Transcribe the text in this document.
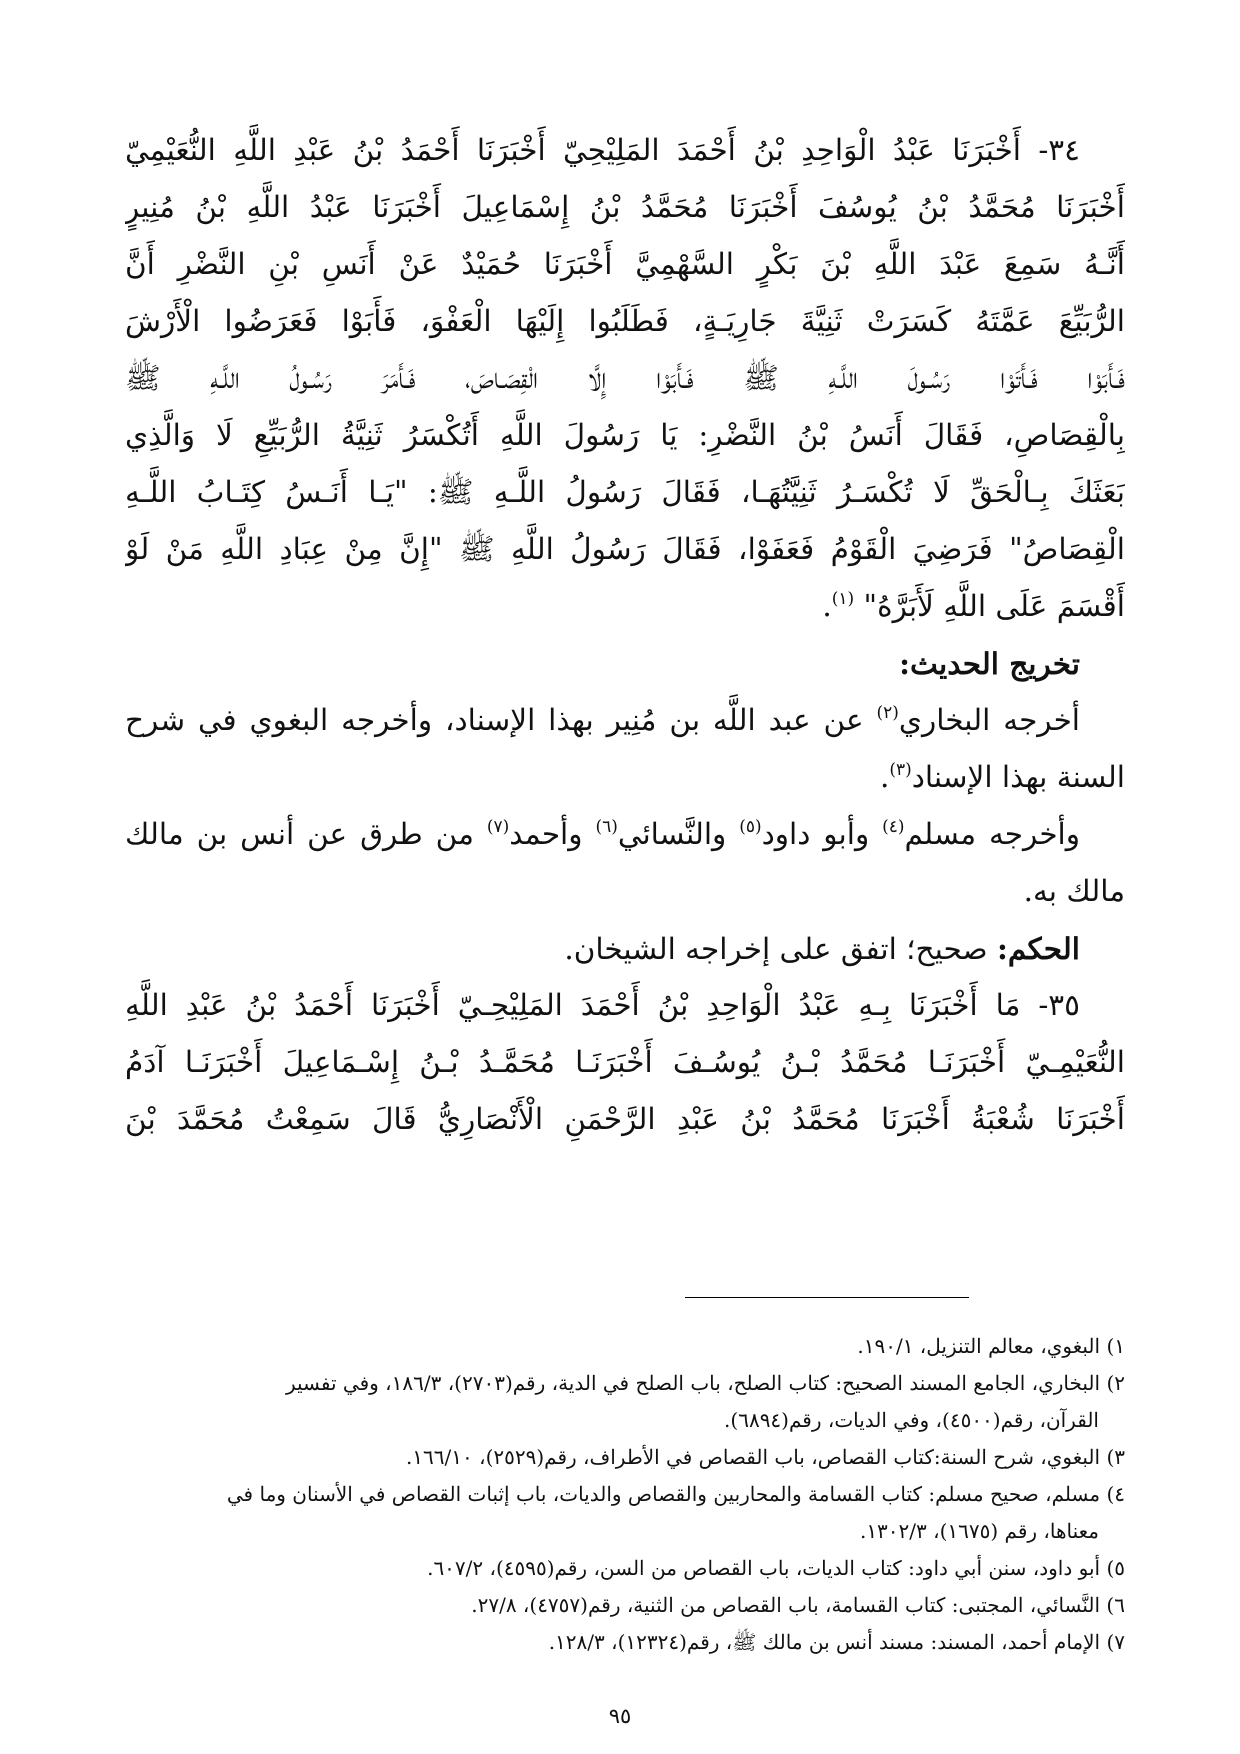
٣٤- أَخْبَرَنَا عَبْدُ الْوَاحِدِ بْنُ أَحْمَدَ المَلِيْحِيّ أَخْبَرَنَا أَحْمَدُ بْنُ عَبْدِ اللَّهِ النُّعَيْمِيّ
أَخْبَرَنَا مُحَمَّدُ بْنُ يُوسُفَ أَخْبَرَنَا مُحَمَّدُ بْنُ إِسْمَاعِيلَ أَخْبَرَنَا عَبْدُ اللَّهِ بْنُ مُنِيرٍ
أَنَّـهُ سَمِعَ عَبْدَ اللَّهِ بْنَ بَكْرٍ السَّهْمِيَّ أَخْبَرَنَا حُمَيْدٌ عَنْ أَنَسِ بْنِ النَّضْرِ أَنَّ
الرُّبَيِّعَ عَمَّتَهُ كَسَرَتْ ثَنِيَّةَ جَارِيَـةٍ، فَطَلَبُوا إِلَيْهَا الْعَفْوَ، فَأَبَوْا فَعَرَضُوا الْأَرْشَ
فَـأَبَوْا فَـأَتَوْا رَسُـولَ اللَّـهِ ﷺ فَـأَبَوْا إِلَّا الْقِصَـاصَ، فَـأَمَرَ رَسُـولُ اللَّـهِ ﷺ
بِالْقِصَاصِ، فَقَالَ أَنَسُ بْنُ النَّضْرِ: يَا رَسُولَ اللَّهِ أَتُكْسَرُ ثَنِيَّةُ الرُّبَيِّعِ لَا وَالَّذِي
بَعَثَكَ بِـالْحَقِّ لَا تُكْسَـرُ ثَنِيَّتُهَـا، فَقَالَ رَسُولُ اللَّـهِ ﷺ: "يَـا أَنَـسُ كِتَـابُ اللَّـهِ
الْقِصَاصُ" فَرَضِيَ الْقَوْمُ فَعَفَوْا، فَقَالَ رَسُولُ اللَّهِ ﷺ "إِنَّ مِنْ عِبَادِ اللَّهِ مَنْ لَوْ
أَقْسَمَ عَلَى اللَّهِ لَأَبَرَّهُ" $^{(١)}$.
تخريج الحديث:
أخرجه البخاري$^{(٢)}$ عن عبد اللَّه بن مُنِير بهذا الإسناد، وأخرجه البغوي في شرح
السنة بهذا الإسناد$^{(٣)}$.
وأخرجه مسلم$^{(٤)}$ وأبو داود$^{(٥)}$ والنَّسائي$^{(٦)}$ وأحمد$^{(٧)}$ من طرق عن أنس بن مالك
مالك به.
الحكم: صحيح؛ اتفق على إخراجه الشيخان.
٣٥- مَا أَخْبَرَنَا بِـهِ عَبْدُ الْوَاحِدِ بْنُ أَحْمَدَ المَلِيْحِـيّ أَخْبَرَنَا أَحْمَدُ بْنُ عَبْدِ اللَّهِ
النُّعَيْمِـيّ أَخْبَرَنَـا مُحَمَّدُ بْـنُ يُوسُـفَ أَخْبَرَنَـا مُحَمَّـدُ بْـنُ إِسْـمَاعِيلَ أَخْبَرَنَـا آدَمُ
أَخْبَرَنَا شُعْبَةُ أَخْبَرَنَا مُحَمَّدُ بْنُ عَبْدِ الرَّحْمَنِ الْأَنْصَارِيُّ قَالَ سَمِعْتُ مُحَمَّدَ بْنَ
١) البغوي، معالم التنزيل، ١٩٠/١.
٢) البخاري، الجامع المسند الصحيح: كتاب الصلح، باب الصلح في الدية، رقم(٢٧٠٣)، ١٨٦/٣، وفي تفسير
القرآن، رقم(٤٥٠٠)، وفي الديات، رقم(٦٨٩٤).
٣) البغوي، شرح السنة:كتاب القصاص، باب القصاص في الأطراف، رقم(٢٥٢٩)، ١٦٦/١٠.
٤) مسلم، صحيح مسلم: كتاب القسامة والمحاربين والقصاص والديات، باب إثبات القصاص في الأسنان وما في
معناها، رقم (١٦٧٥)، ١٣٠٢/٣.
٥) أبو داود، سنن أبي داود: كتاب الديات، باب القصاص من السن، رقم(٤٥٩٥)، ٦٠٧/٢.
٦) النَّسائي، المجتبى: كتاب القسامة، باب القصاص من الثنية، رقم(٤٧٥٧)، ٢٧/٨.
٧) الإمام أحمد، المسند: مسند أنس بن مالك ﷺ، رقم(١٢٣٢٤)، ١٢٨/٣.
٩٥
